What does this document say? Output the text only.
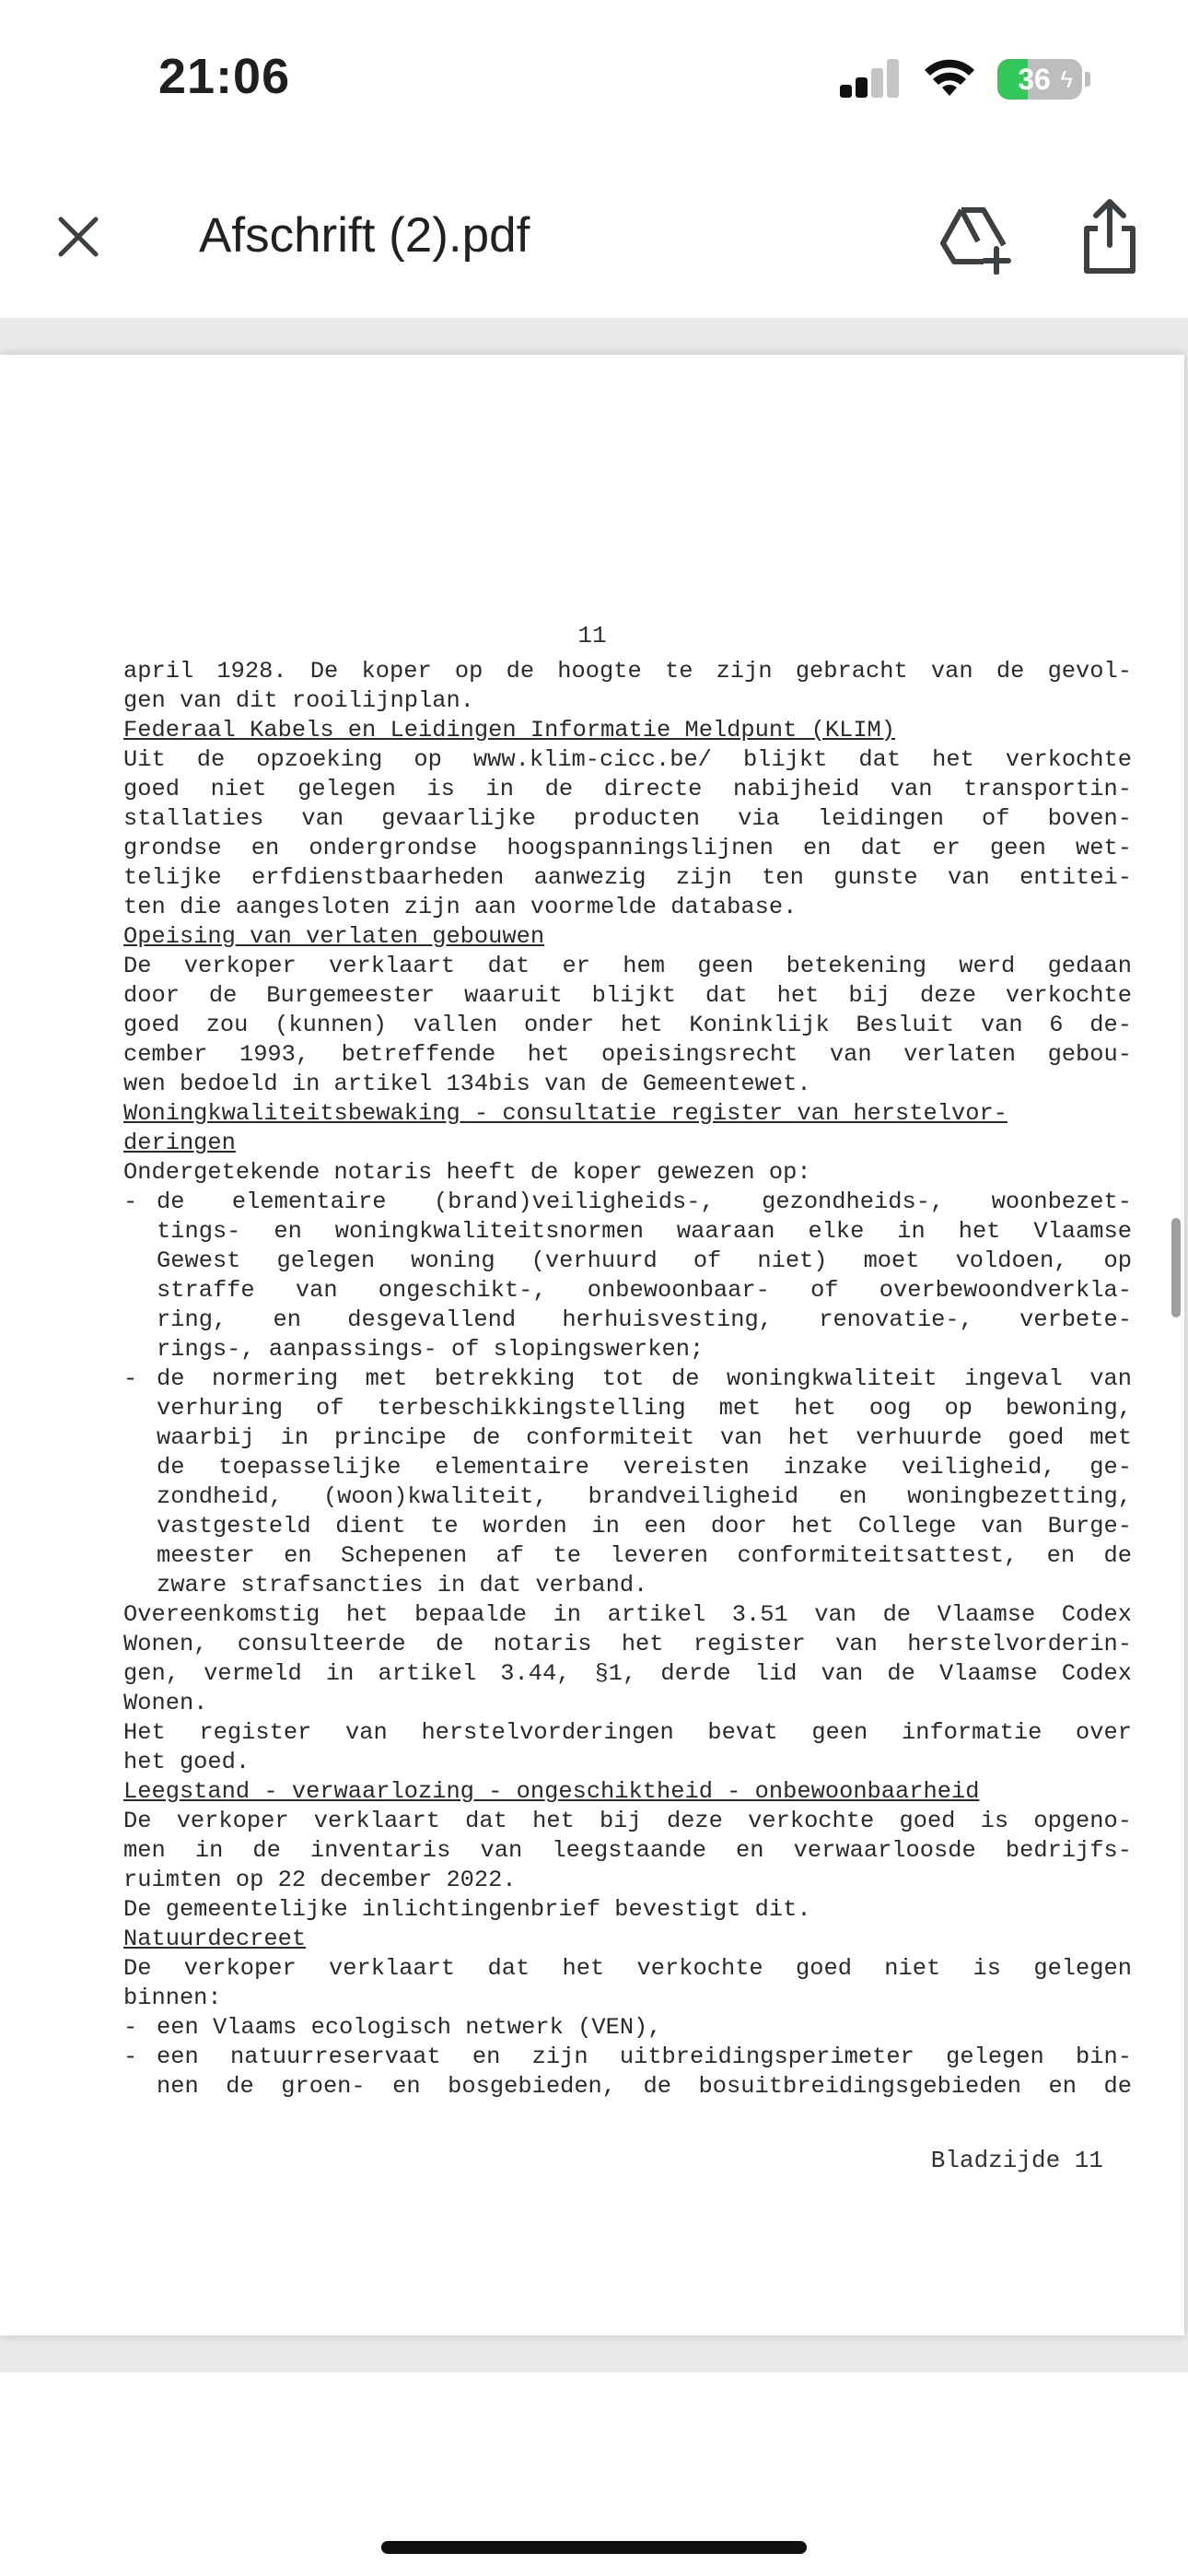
21:06	36 ϟ
Afschrift (2).pdf
11
april 1928. De koper op de hoogte te zijn gebracht van de gevol-
gen van dit rooilijnplan.
Federaal Kabels en Leidingen Informatie Meldpunt (KLIM)
Uit de opzoeking op www.klim-cicc.be/ blijkt dat het verkochte
goed niet gelegen is in de directe nabijheid van transportin-
stallaties van gevaarlijke producten via leidingen of boven-
grondse en ondergrondse hoogspanningslijnen en dat er geen wet-
telijke erfdienstbaarheden aanwezig zijn ten gunste van entitei-
ten die aangesloten zijn aan voormelde database.
Opeising van verlaten gebouwen
De verkoper verklaart dat er hem geen betekening werd gedaan
door de Burgemeester waaruit blijkt dat het bij deze verkochte
goed zou (kunnen) vallen onder het Koninklijk Besluit van 6 de-
cember 1993, betreffende het opeisingsrecht van verlaten gebou-
wen bedoeld in artikel 134bis van de Gemeentewet.
Woningkwaliteitsbewaking - consultatie register van herstelvor-
deringen
Ondergetekende notaris heeft de koper gewezen op:
- de elementaire (brand)veiligheids-, gezondheids-, woonbezet-
tings- en woningkwaliteitsnormen waaraan elke in het Vlaamse
Gewest gelegen woning (verhuurd of niet) moet voldoen, op
straffe van ongeschikt-, onbewoonbaar- of overbewoondverkla-
ring, en desgevallend herhuisvesting, renovatie-, verbete-
rings-, aanpassings- of slopingswerken;
- de normering met betrekking tot de woningkwaliteit ingeval van
verhuring of terbeschikkingstelling met het oog op bewoning,
waarbij in principe de conformiteit van het verhuurde goed met
de toepasselijke elementaire vereisten inzake veiligheid, ge-
zondheid, (woon)kwaliteit, brandveiligheid en woningbezetting,
vastgesteld dient te worden in een door het College van Burge-
meester en Schepenen af te leveren conformiteitsattest, en de
zware strafsancties in dat verband.
Overeenkomstig het bepaalde in artikel 3.51 van de Vlaamse Codex
Wonen, consulteerde de notaris het register van herstelvorderin-
gen, vermeld in artikel 3.44, §1, derde lid van de Vlaamse Codex
Wonen.
Het register van herstelvorderingen bevat geen informatie over
het goed.
Leegstand - verwaarlozing - ongeschiktheid - onbewoonbaarheid
De verkoper verklaart dat het bij deze verkochte goed is opgeno-
men in de inventaris van leegstaande en verwaarloosde bedrijfs-
ruimten op 22 december 2022.
De gemeentelijke inlichtingenbrief bevestigt dit.
Natuurdecreet
De verkoper verklaart dat het verkochte goed niet is gelegen
binnen:
- een Vlaams ecologisch netwerk (VEN),
- een natuurreservaat en zijn uitbreidingsperimeter gelegen bin-
nen de groen- en bosgebieden, de bosuitbreidingsgebieden en de
Bladzijde 11
